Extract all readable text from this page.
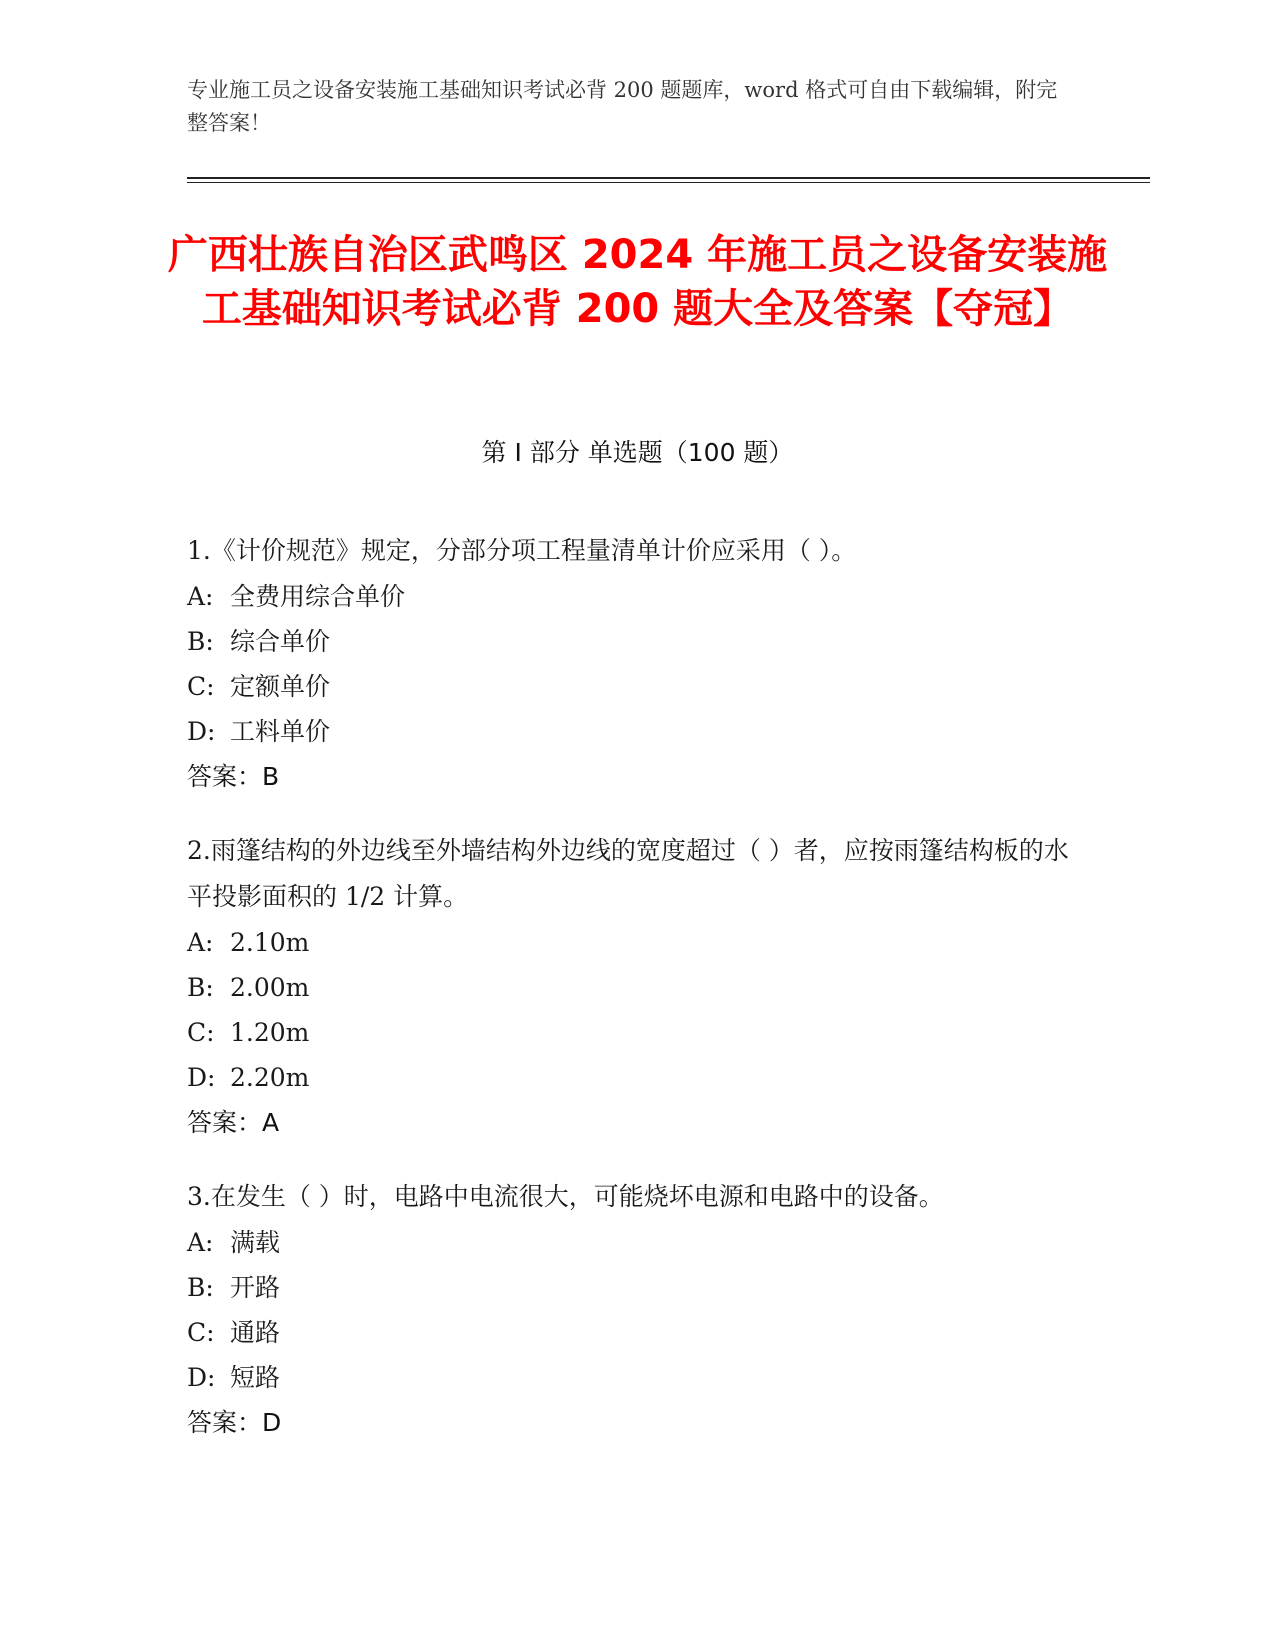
专业施工员之设备安装施工基础知识考试必背 200 题题库，word 格式可自由下载编辑，附完整答案！
广西壮族自治区武鸣区 2024 年施工员之设备安装施工基础知识考试必背 200 题大全及答案【夺冠】
第 I 部分 单选题（100 题）
1.《计价规范》规定，分部分项工程量清单计价应采用（ ）。
A: 全费用综合单价
B: 综合单价
C: 定额单价
D: 工料单价
答案：B
2.雨篷结构的外边线至外墙结构外边线的宽度超过（ ）者，应按雨篷结构板的水平投影面积的 1/2 计算。
A: 2.10m
B: 2.00m
C: 1.20m
D: 2.20m
答案：A
3.在发生（ ）时，电路中电流很大，可能烧坏电源和电路中的设备。
A: 满载
B: 开路
C: 通路
D: 短路
答案：D
